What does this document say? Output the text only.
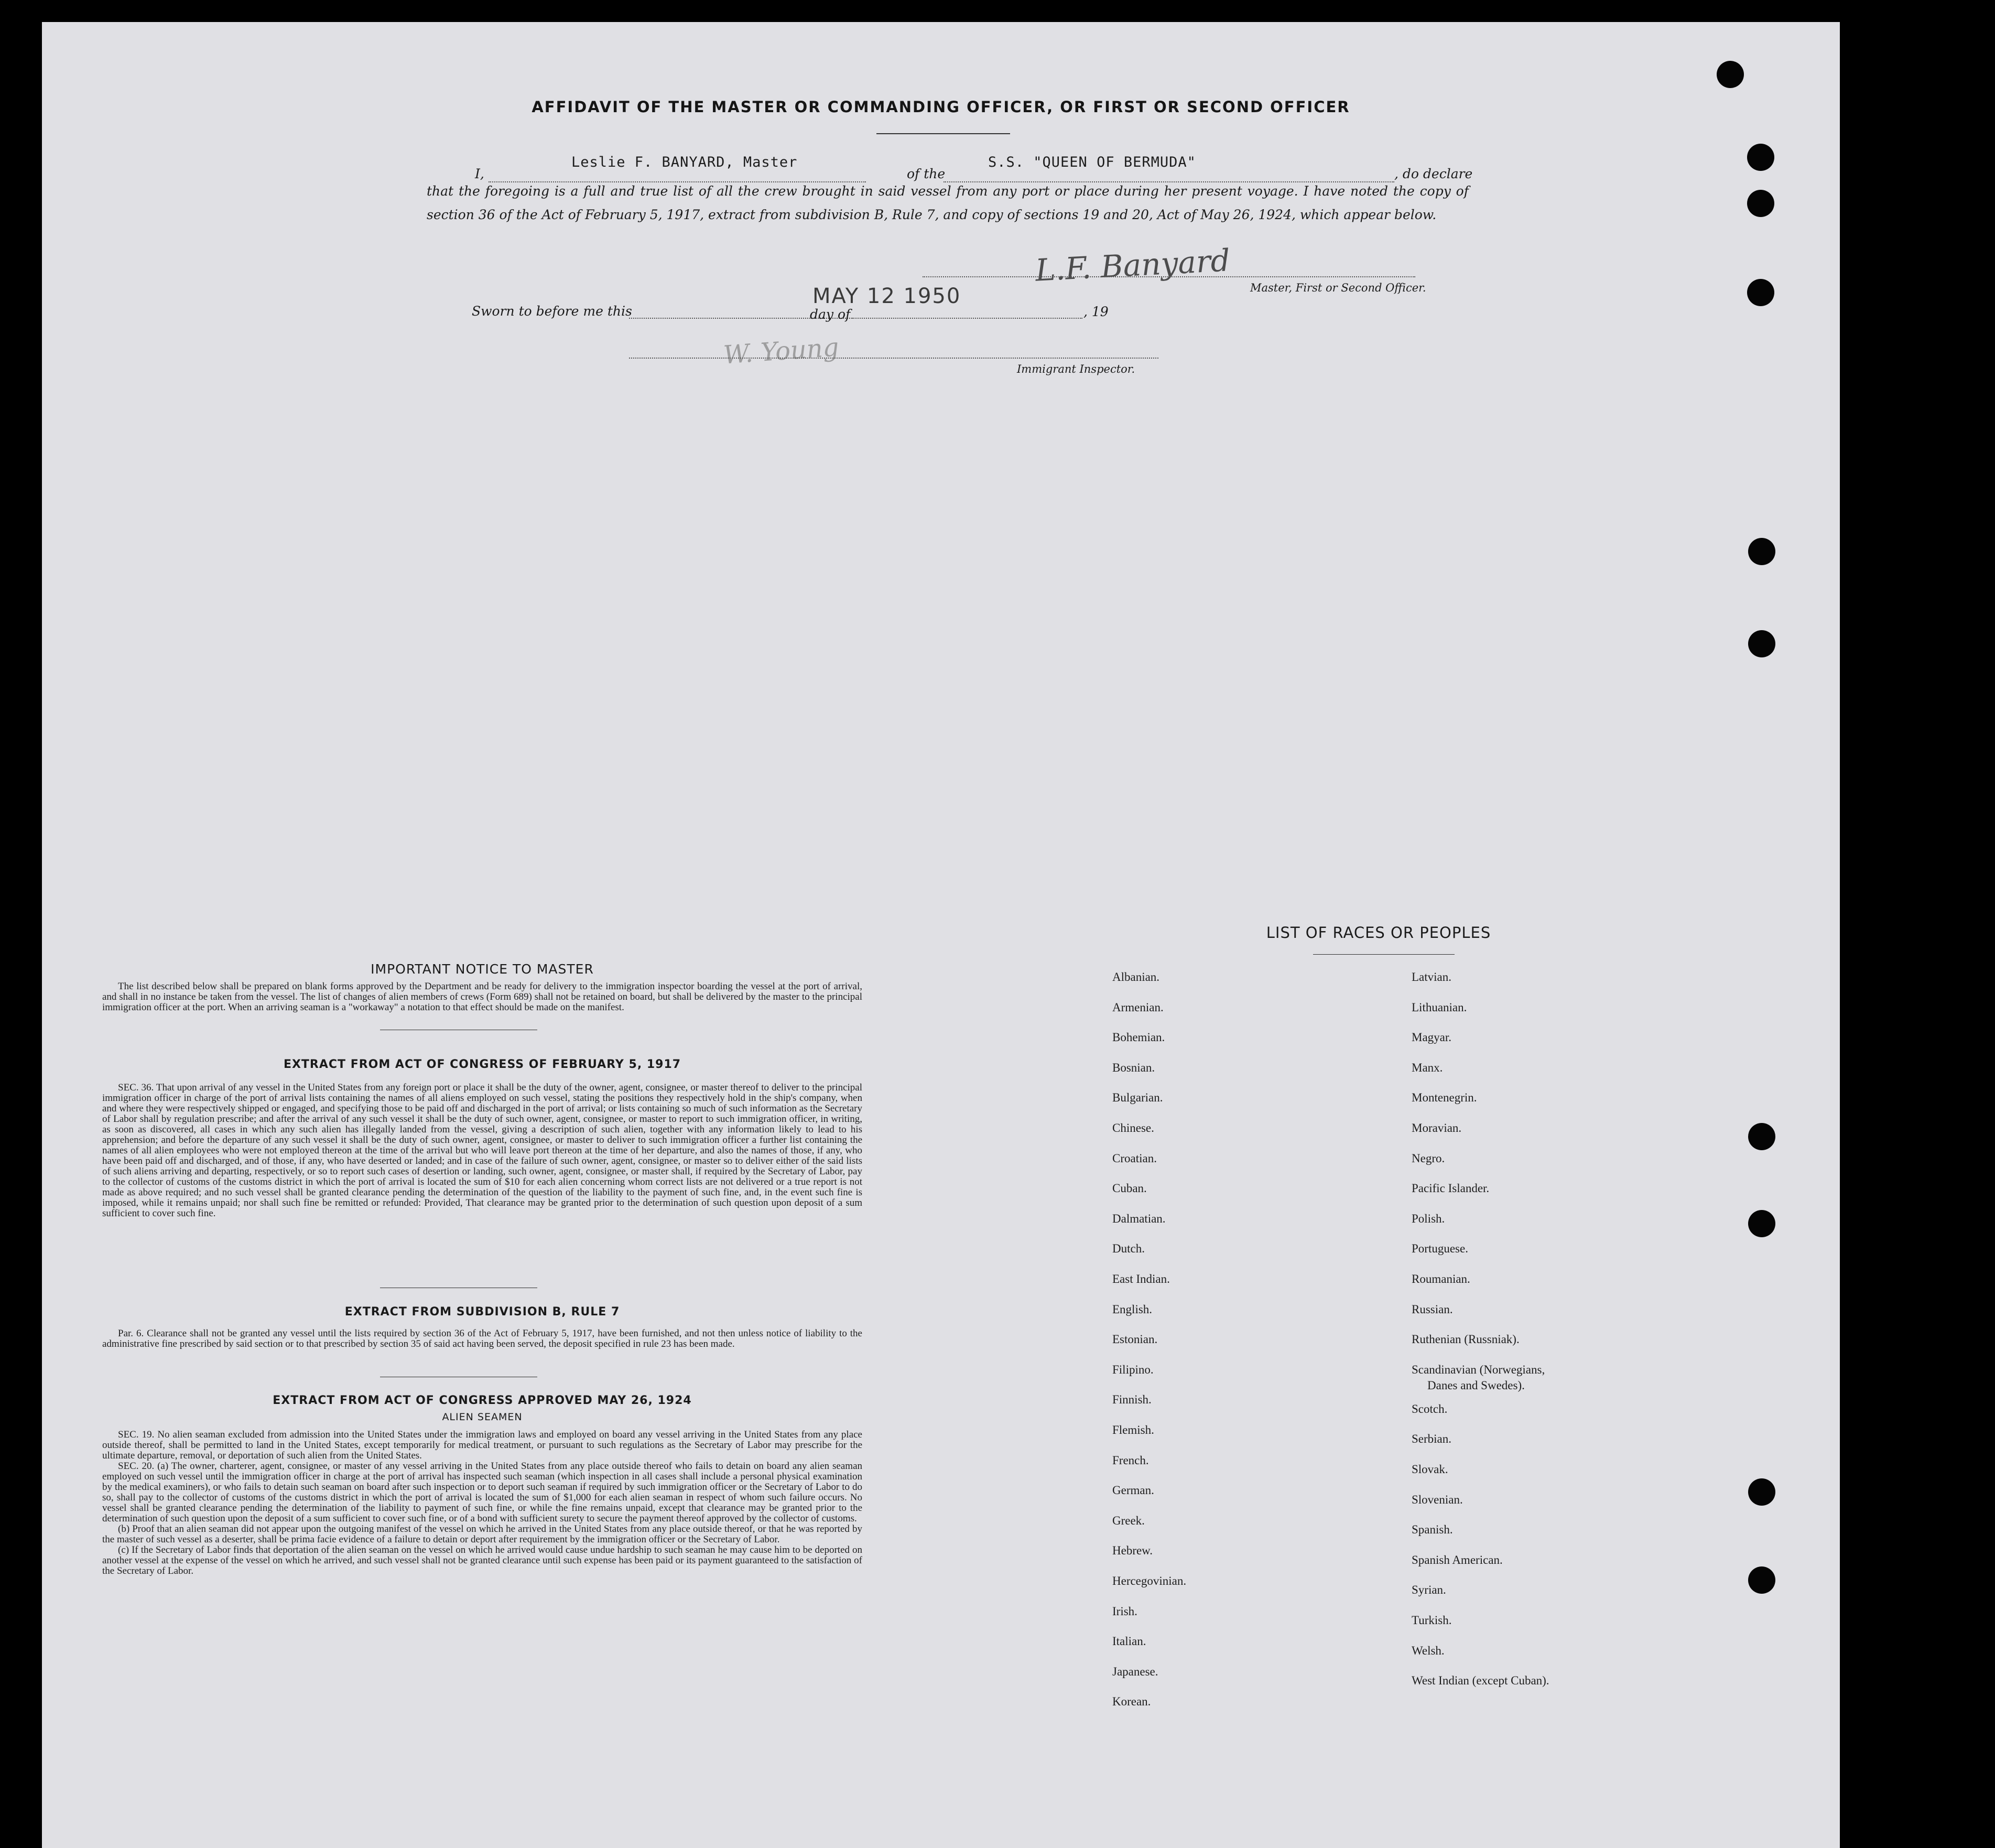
AFFIDAVIT OF THE MASTER OR COMMANDING OFFICER, OR FIRST OR SECOND OFFICER
I,
Leslie F. BANYARD, Master
of the
S.S. "QUEEN OF BERMUDA"
, do declare
that the foregoing is a full and true list of all the crew brought in said vessel from any port or place during her present voyage. I have noted the copy of section 36 of the Act of February 5, 1917, extract from subdivision B, Rule 7, and copy of sections 19 and 20, Act of May 26, 1924, which appear below.
L.F. Banyard Master, First or Second Officer.
Sworn to before me this	day of
MAY 12 1950
, 19
W. Young	Immigrant Inspector.
IMPORTANT NOTICE TO MASTER
The list described below shall be prepared on blank forms approved by the Department and be ready for delivery to the immigration inspector boarding the vessel at the port of arrival, and shall in no instance be taken from the vessel. The list of changes of alien members of crews (Form 689) shall not be retained on board, but shall be delivered by the master to the principal immigration officer at the port. When an arriving seaman is a "workaway" a notation to that effect should be made on the manifest.
EXTRACT FROM ACT OF CONGRESS OF FEBRUARY 5, 1917
SEC. 36. That upon arrival of any vessel in the United States from any foreign port or place it shall be the duty of the owner, agent, consignee, or master thereof to deliver to the principal immigration officer in charge of the port of arrival lists containing the names of all aliens employed on such vessel, stating the positions they respectively hold in the ship's company, when and where they were respectively shipped or engaged, and specifying those to be paid off and discharged in the port of arrival; or lists containing so much of such information as the Secretary of Labor shall by regulation prescribe; and after the arrival of any such vessel it shall be the duty of such owner, agent, consignee, or master to report to such immigration officer, in writing, as soon as discovered, all cases in which any such alien has illegally landed from the vessel, giving a description of such alien, together with any information likely to lead to his apprehension; and before the departure of any such vessel it shall be the duty of such owner, agent, consignee, or master to deliver to such immigration officer a further list containing the names of all alien employees who were not employed thereon at the time of the arrival but who will leave port thereon at the time of her departure, and also the names of those, if any, who have been paid off and discharged, and of those, if any, who have deserted or landed; and in case of the failure of such owner, agent, consignee, or master so to deliver either of the said lists of such aliens arriving and departing, respectively, or so to report such cases of desertion or landing, such owner, agent, consignee, or master shall, if required by the Secretary of Labor, pay to the collector of customs of the customs district in which the port of arrival is located the sum of $10 for each alien concerning whom correct lists are not delivered or a true report is not made as above required; and no such vessel shall be granted clearance pending the determination of the question of the liability to the payment of such fine, and, in the event such fine is imposed, while it remains unpaid; nor shall such fine be remitted or refunded: Provided, That clearance may be granted prior to the determination of such question upon deposit of a sum sufficient to cover such fine.
EXTRACT FROM SUBDIVISION B, RULE 7
Par. 6. Clearance shall not be granted any vessel until the lists required by section 36 of the Act of February 5, 1917, have been furnished, and not then unless notice of liability to the administrative fine prescribed by said section or to that prescribed by section 35 of said act having been served, the deposit specified in rule 23 has been made.
EXTRACT FROM ACT OF CONGRESS APPROVED MAY 26, 1924
ALIEN SEAMEN
SEC. 19. No alien seaman excluded from admission into the United States under the immigration laws and employed on board any vessel arriving in the United States from any place outside thereof, shall be permitted to land in the United States, except temporarily for medical treatment, or pursuant to such regulations as the Secretary of Labor may prescribe for the ultimate departure, removal, or deportation of such alien from the United States.
SEC. 20. (a) The owner, charterer, agent, consignee, or master of any vessel arriving in the United States from any place outside thereof who fails to detain on board any alien seaman employed on such vessel until the immigration officer in charge at the port of arrival has inspected such seaman (which inspection in all cases shall include a personal physical examination by the medical examiners), or who fails to detain such seaman on board after such inspection or to deport such seaman if required by such immigration officer or the Secretary of Labor to do so, shall pay to the collector of customs of the customs district in which the port of arrival is located the sum of $1,000 for each alien seaman in respect of whom such failure occurs. No vessel shall be granted clearance pending the determination of the liability to payment of such fine, or while the fine remains unpaid, except that clearance may be granted prior to the determination of such question upon the deposit of a sum sufficient to cover such fine, or of a bond with sufficient surety to secure the payment thereof approved by the collector of customs.
(b) Proof that an alien seaman did not appear upon the outgoing manifest of the vessel on which he arrived in the United States from any place outside thereof, or that he was reported by the master of such vessel as a deserter, shall be prima facie evidence of a failure to detain or deport after requirement by the immigration officer or the Secretary of Labor.
(c) If the Secretary of Labor finds that deportation of the alien seaman on the vessel on which he arrived would cause undue hardship to such seaman he may cause him to be deported on another vessel at the expense of the vessel on which he arrived, and such vessel shall not be granted clearance until such expense has been paid or its payment guaranteed to the satisfaction of the Secretary of Labor.
LIST OF RACES OR PEOPLES
Albanian.
Armenian.
Bohemian.
Bosnian.
Bulgarian.
Chinese.
Croatian.
Cuban.
Dalmatian.
Dutch.
East Indian.
English.
Estonian.
Filipino.
Finnish.
Flemish.
French.
German.
Greek.
Hebrew.
Hercegovinian.
Irish.
Italian.
Japanese.
Korean.
Latvian.
Lithuanian.
Magyar.
Manx.
Montenegrin.
Moravian.
Negro.
Pacific Islander.
Polish.
Portuguese.
Roumanian.
Russian.
Ruthenian (Russniak).
Scandinavian (Norwegians,
Danes and Swedes).
Scotch.
Serbian.
Slovak.
Slovenian.
Spanish.
Spanish American.
Syrian.
Turkish.
Welsh.
West Indian (except Cuban).
